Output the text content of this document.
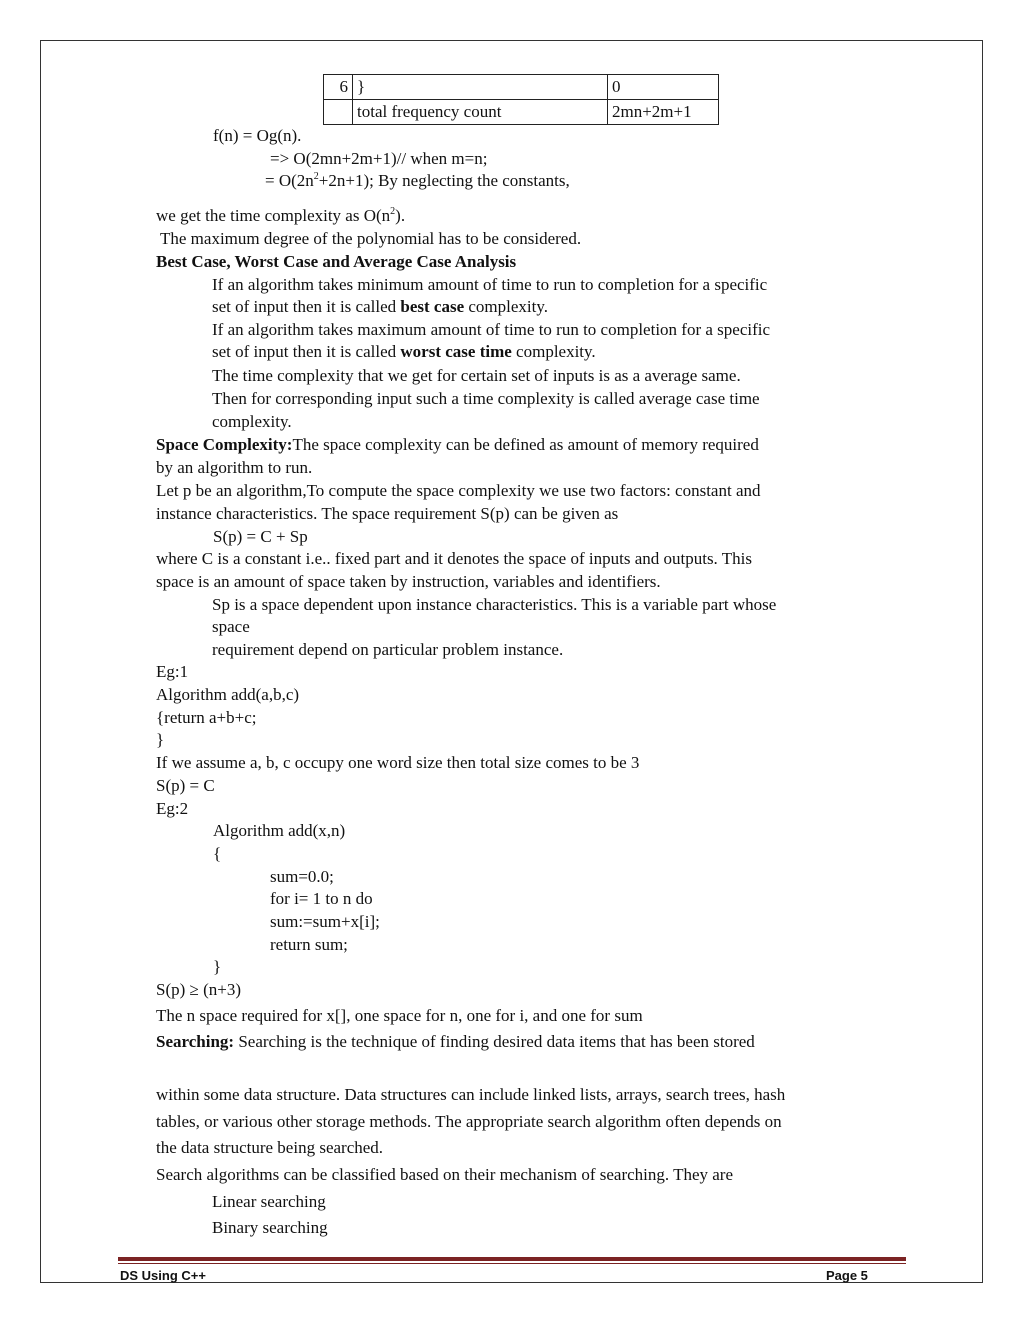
6	}	0
	total frequency count	2mn+2m+1
f(n) = Og(n).
=> O(2mn+2m+1)// when m=n;
= $O(2n^2+2n+1)$; By neglecting the constants,
we get the time complexity as $O(n^2)$.
The maximum degree of the polynomial has to be considered.
Best Case, Worst Case and Average Case Analysis
If an algorithm takes minimum amount of time to run to completion for a specific
set of input then it is called best case complexity.
If an algorithm takes maximum amount of time to run to completion for a specific
set of input then it is called worst case time complexity.
The time complexity that we get for certain set of inputs is as a average same.
Then for corresponding input such a time complexity is called average case time
complexity.
Space Complexity:The space complexity can be defined as amount of memory required
by an algorithm to run.
Let p be an algorithm,To compute the space complexity we use two factors: constant and
instance characteristics. The space requirement S(p) can be given as
S(p) = C + Sp
where C is a constant i.e.. fixed part and it denotes the space of inputs and outputs. This
space is an amount of space taken by instruction, variables and identifiers.
Sp is a space dependent upon instance characteristics. This is a variable part whose
space
requirement depend on particular problem instance.
Eg:1
Algorithm add(a,b,c)
{return a+b+c;
}
If we assume a, b, c occupy one word size then total size comes to be 3
S(p) = C
Eg:2
Algorithm add(x,n)
{
sum=0.0;
for i= 1 to n do
sum:=sum+x[i];
return sum;
}
S(p) ≥ (n+3)
The n space required for x[], one space for n, one for i, and one for sum
Searching: Searching is the technique of finding desired data items that has been stored
within some data structure. Data structures can include linked lists, arrays, search trees, hash
tables, or various other storage methods. The appropriate search algorithm often depends on
the data structure being searched.
Search algorithms can be classified based on their mechanism of searching. They are
Linear searching
Binary searching
DS Using C++	Page 5
